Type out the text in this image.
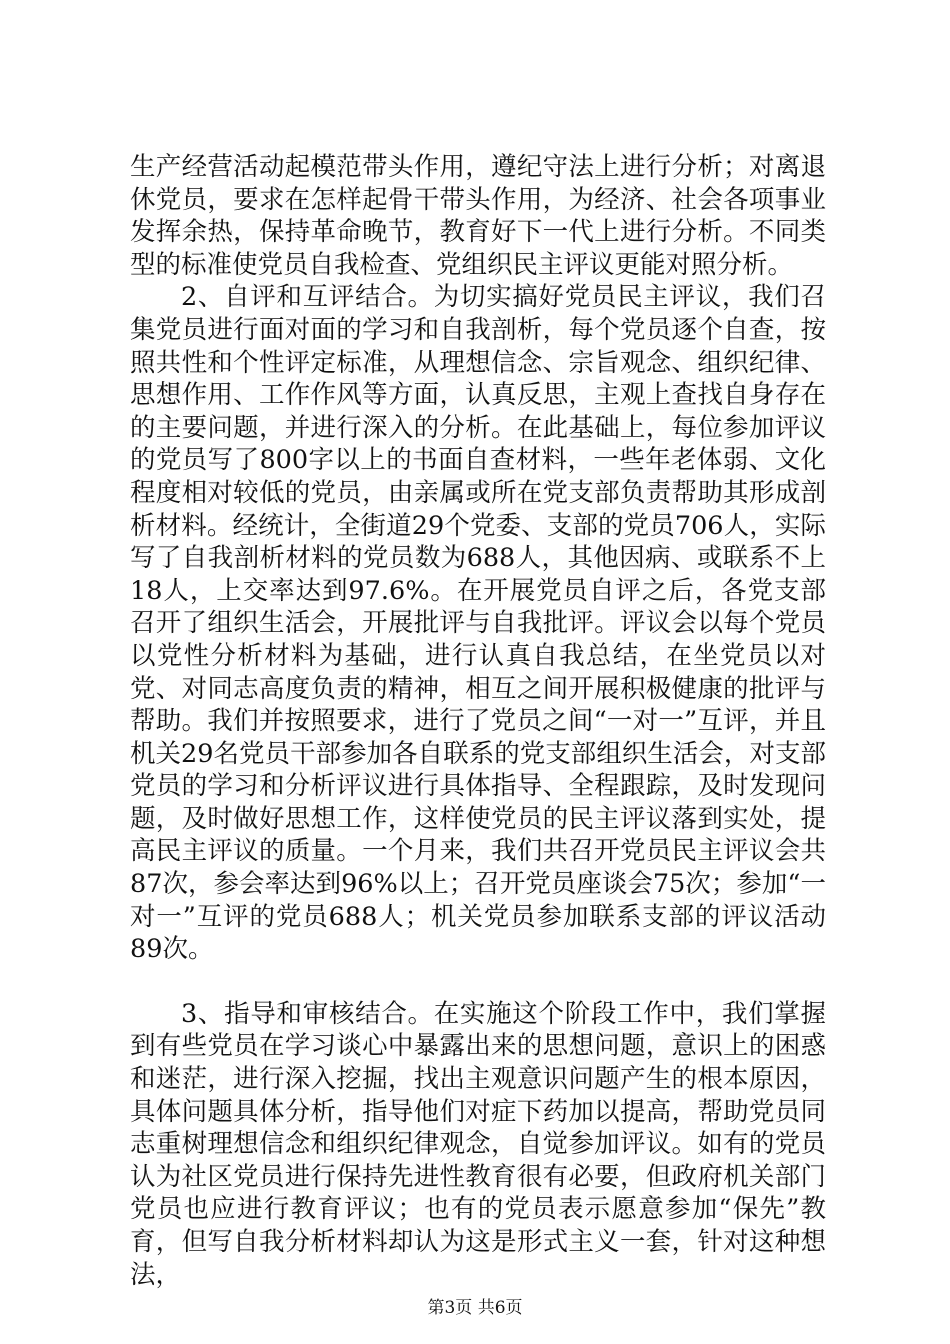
生产经营活动起模范带头作用，遵纪守法上进行分析；对离退休党员，要求在怎样起骨干带头作用，为经济、社会各项事业发挥余热，保持革命晚节，教育好下一代上进行分析。不同类型的标准使党员自我检查、党组织民主评议更能对照分析。

2、自评和互评结合。为切实搞好党员民主评议，我们召集党员进行面对面的学习和自我剖析，每个党员逐个自查，按照共性和个性评定标准，从理想信念、宗旨观念、组织纪律、思想作用、工作作风等方面，认真反思，主观上查找自身存在的主要问题，并进行深入的分析。在此基础上，每位参加评议的党员写了800字以上的书面自查材料，一些年老体弱、文化程度相对较低的党员，由亲属或所在党支部负责帮助其形成剖析材料。经统计，全街道29个党委、支部的党员706人，实际写了自我剖析材料的党员数为688人，其他因病、或联系不上18人，上交率达到97.6%。在开展党员自评之后，各党支部召开了组织生活会，开展批评与自我批评。评议会以每个党员以党性分析材料为基础，进行认真自我总结，在坐党员以对党、对同志高度负责的精神，相互之间开展积极健康的批评与帮助。我们并按照要求，进行了党员之间“一对一”互评，并且机关29名党员干部参加各自联系的党支部组织生活会，对支部党员的学习和分析评议进行具体指导、全程跟踪，及时发现问题，及时做好思想工作，这样使党员的民主评议落到实处，提高民主评议的质量。一个月来，我们共召开党员民主评议会共87次，参会率达到96%以上；召开党员座谈会75次；参加“一对一”互评的党员688人；机关党员参加联系支部的评议活动89次。

3、指导和审核结合。在实施这个阶段工作中，我们掌握到有些党员在学习谈心中暴露出来的思想问题，意识上的困惑和迷茫，进行深入挖掘，找出主观意识问题产生的根本原因，具体问题具体分析，指导他们对症下药加以提高，帮助党员同志重树理想信念和组织纪律观念，自觉参加评议。如有的党员认为社区党员进行保持先进性教育很有必要，但政府机关部门党员也应进行教育评议；也有的党员表示愿意参加“保先”教育，但写自我分析材料却认为这是形式主义一套，针对这种想法，

第3页 共6页
